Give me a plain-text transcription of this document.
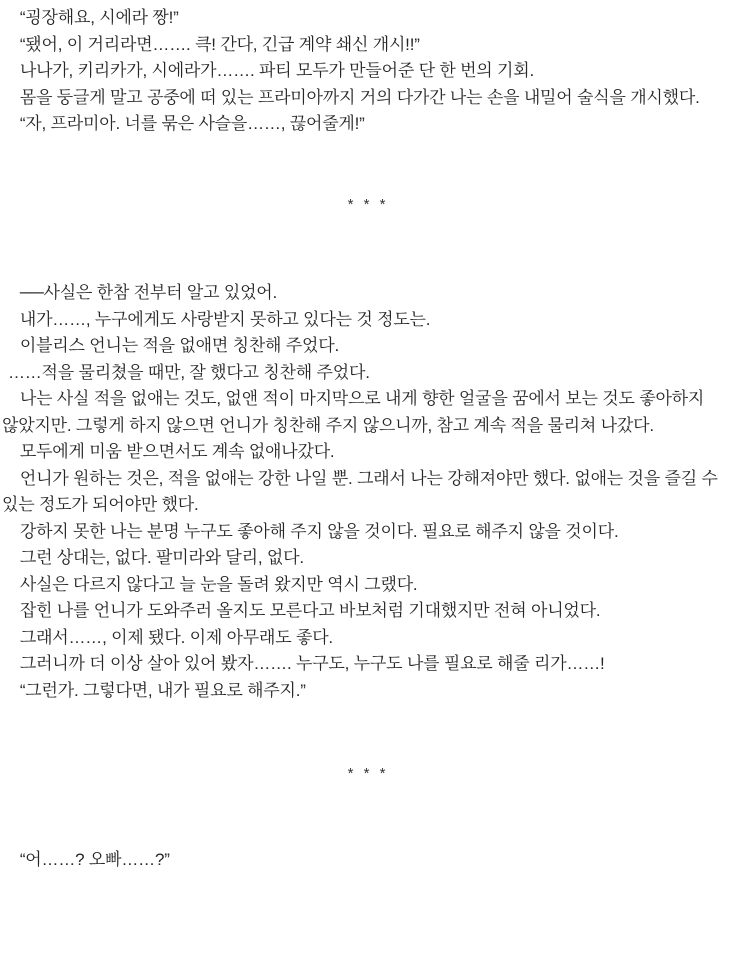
“굉장해요, 시에라 짱!”

“됐어, 이 거리라면……. 큭! 간다, 긴급 계약 쇄신 개시!!”

나나가, 키리카가, 시에라가……. 파티 모두가 만들어준 단 한 번의 기회.

몸을 둥글게 말고 공중에 떠 있는 프라미아까지 거의 다가간 나는 손을 내밀어 술식을 개시했다.

“자, 프라미아. 너를 묶은 사슬을……, 끊어줄게!”

* * *

──사실은 한참 전부터 알고 있었어.

내가……, 누구에게도 사랑받지 못하고 있다는 것 정도는.

이블리스 언니는 적을 없애면 칭찬해 주었다.

……적을 물리쳤을 때만, 잘 했다고 칭찬해 주었다.

나는 사실 적을 없애는 것도, 없앤 적이 마지막으로 내게 향한 얼굴을 꿈에서 보는 것도 좋아하지 않았지만. 그렇게 하지 않으면 언니가 칭찬해 주지 않으니까, 참고 계속 적을 물리쳐 나갔다.

모두에게 미움 받으면서도 계속 없애나갔다.

언니가 원하는 것은, 적을 없애는 강한 나일 뿐. 그래서 나는 강해져야만 했다. 없애는 것을 즐길 수 있는 정도가 되어야만 했다.

강하지 못한 나는 분명 누구도 좋아해 주지 않을 것이다. 필요로 해주지 않을 것이다.

그런 상대는, 없다. 팔미라와 달리, 없다.

사실은 다르지 않다고 늘 눈을 돌려 왔지만 역시 그랬다.

잡힌 나를 언니가 도와주러 올지도 모른다고 바보처럼 기대했지만 전혀 아니었다.

그래서……, 이제 됐다. 이제 아무래도 좋다.

그러니까 더 이상 살아 있어 봤자……. 누구도, 누구도 나를 필요로 해줄 리가……!

“그런가. 그렇다면, 내가 필요로 해주지.”

* * *

“어……? 오빠……?”
